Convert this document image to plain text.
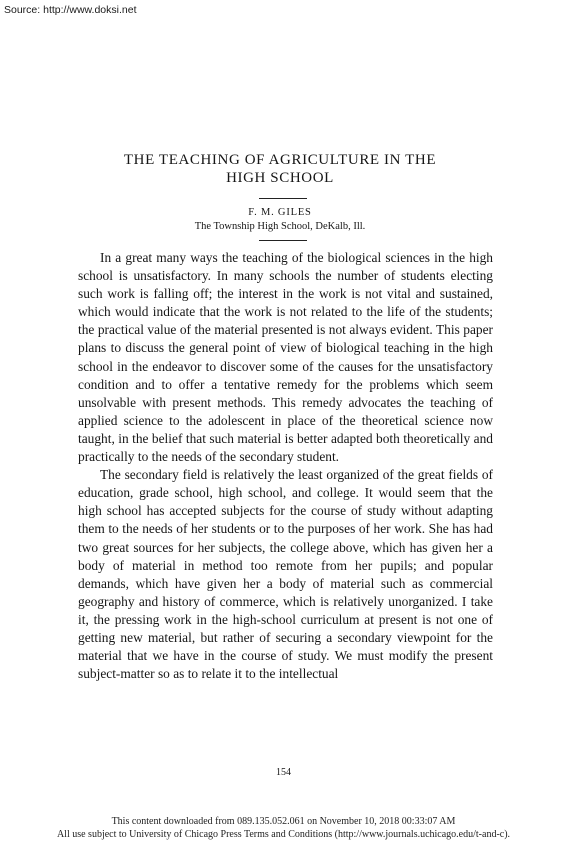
Source: http://www.doksi.net

THE TEACHING OF AGRICULTURE IN THE
HIGH SCHOOL

F. M. GILES

The Township High School, DeKalb, Ill.

In a great many ways the teaching of the biological sciences in the high school is unsatisfactory. In many schools the number of students electing such work is falling off; the interest in the work is not vital and sustained, which would indicate that the work is not related to the life of the students; the practical value of the material presented is not always evident. This paper plans to discuss the general point of view of biological teaching in the high school in the endeavor to discover some of the causes for the unsatisfactory condition and to offer a tentative remedy for the problems which seem unsolvable with present methods. This remedy advocates the teaching of applied science to the adolescent in place of the theoretical science now taught, in the belief that such material is better adapted both theoretically and practically to the needs of the secondary student.

The secondary field is relatively the least organized of the great fields of education, grade school, high school, and college. It would seem that the high school has accepted subjects for the course of study without adapting them to the needs of her students or to the purposes of her work. She has had two great sources for her subjects, the college above, which has given her a body of material in method too remote from her pupils; and popular demands, which have given her a body of material such as commercial geography and history of commerce, which is relatively unorganized. I take it, the pressing work in the high-school curriculum at present is not one of getting new material, but rather of securing a secondary viewpoint for the material that we have in the course of study. We must modify the present subject-matter so as to relate it to the intellectual

154

This content downloaded from 089.135.052.061 on November 10, 2018 00:33:07 AM

All use subject to University of Chicago Press Terms and Conditions (http://www.journals.uchicago.edu/t-and-c).
